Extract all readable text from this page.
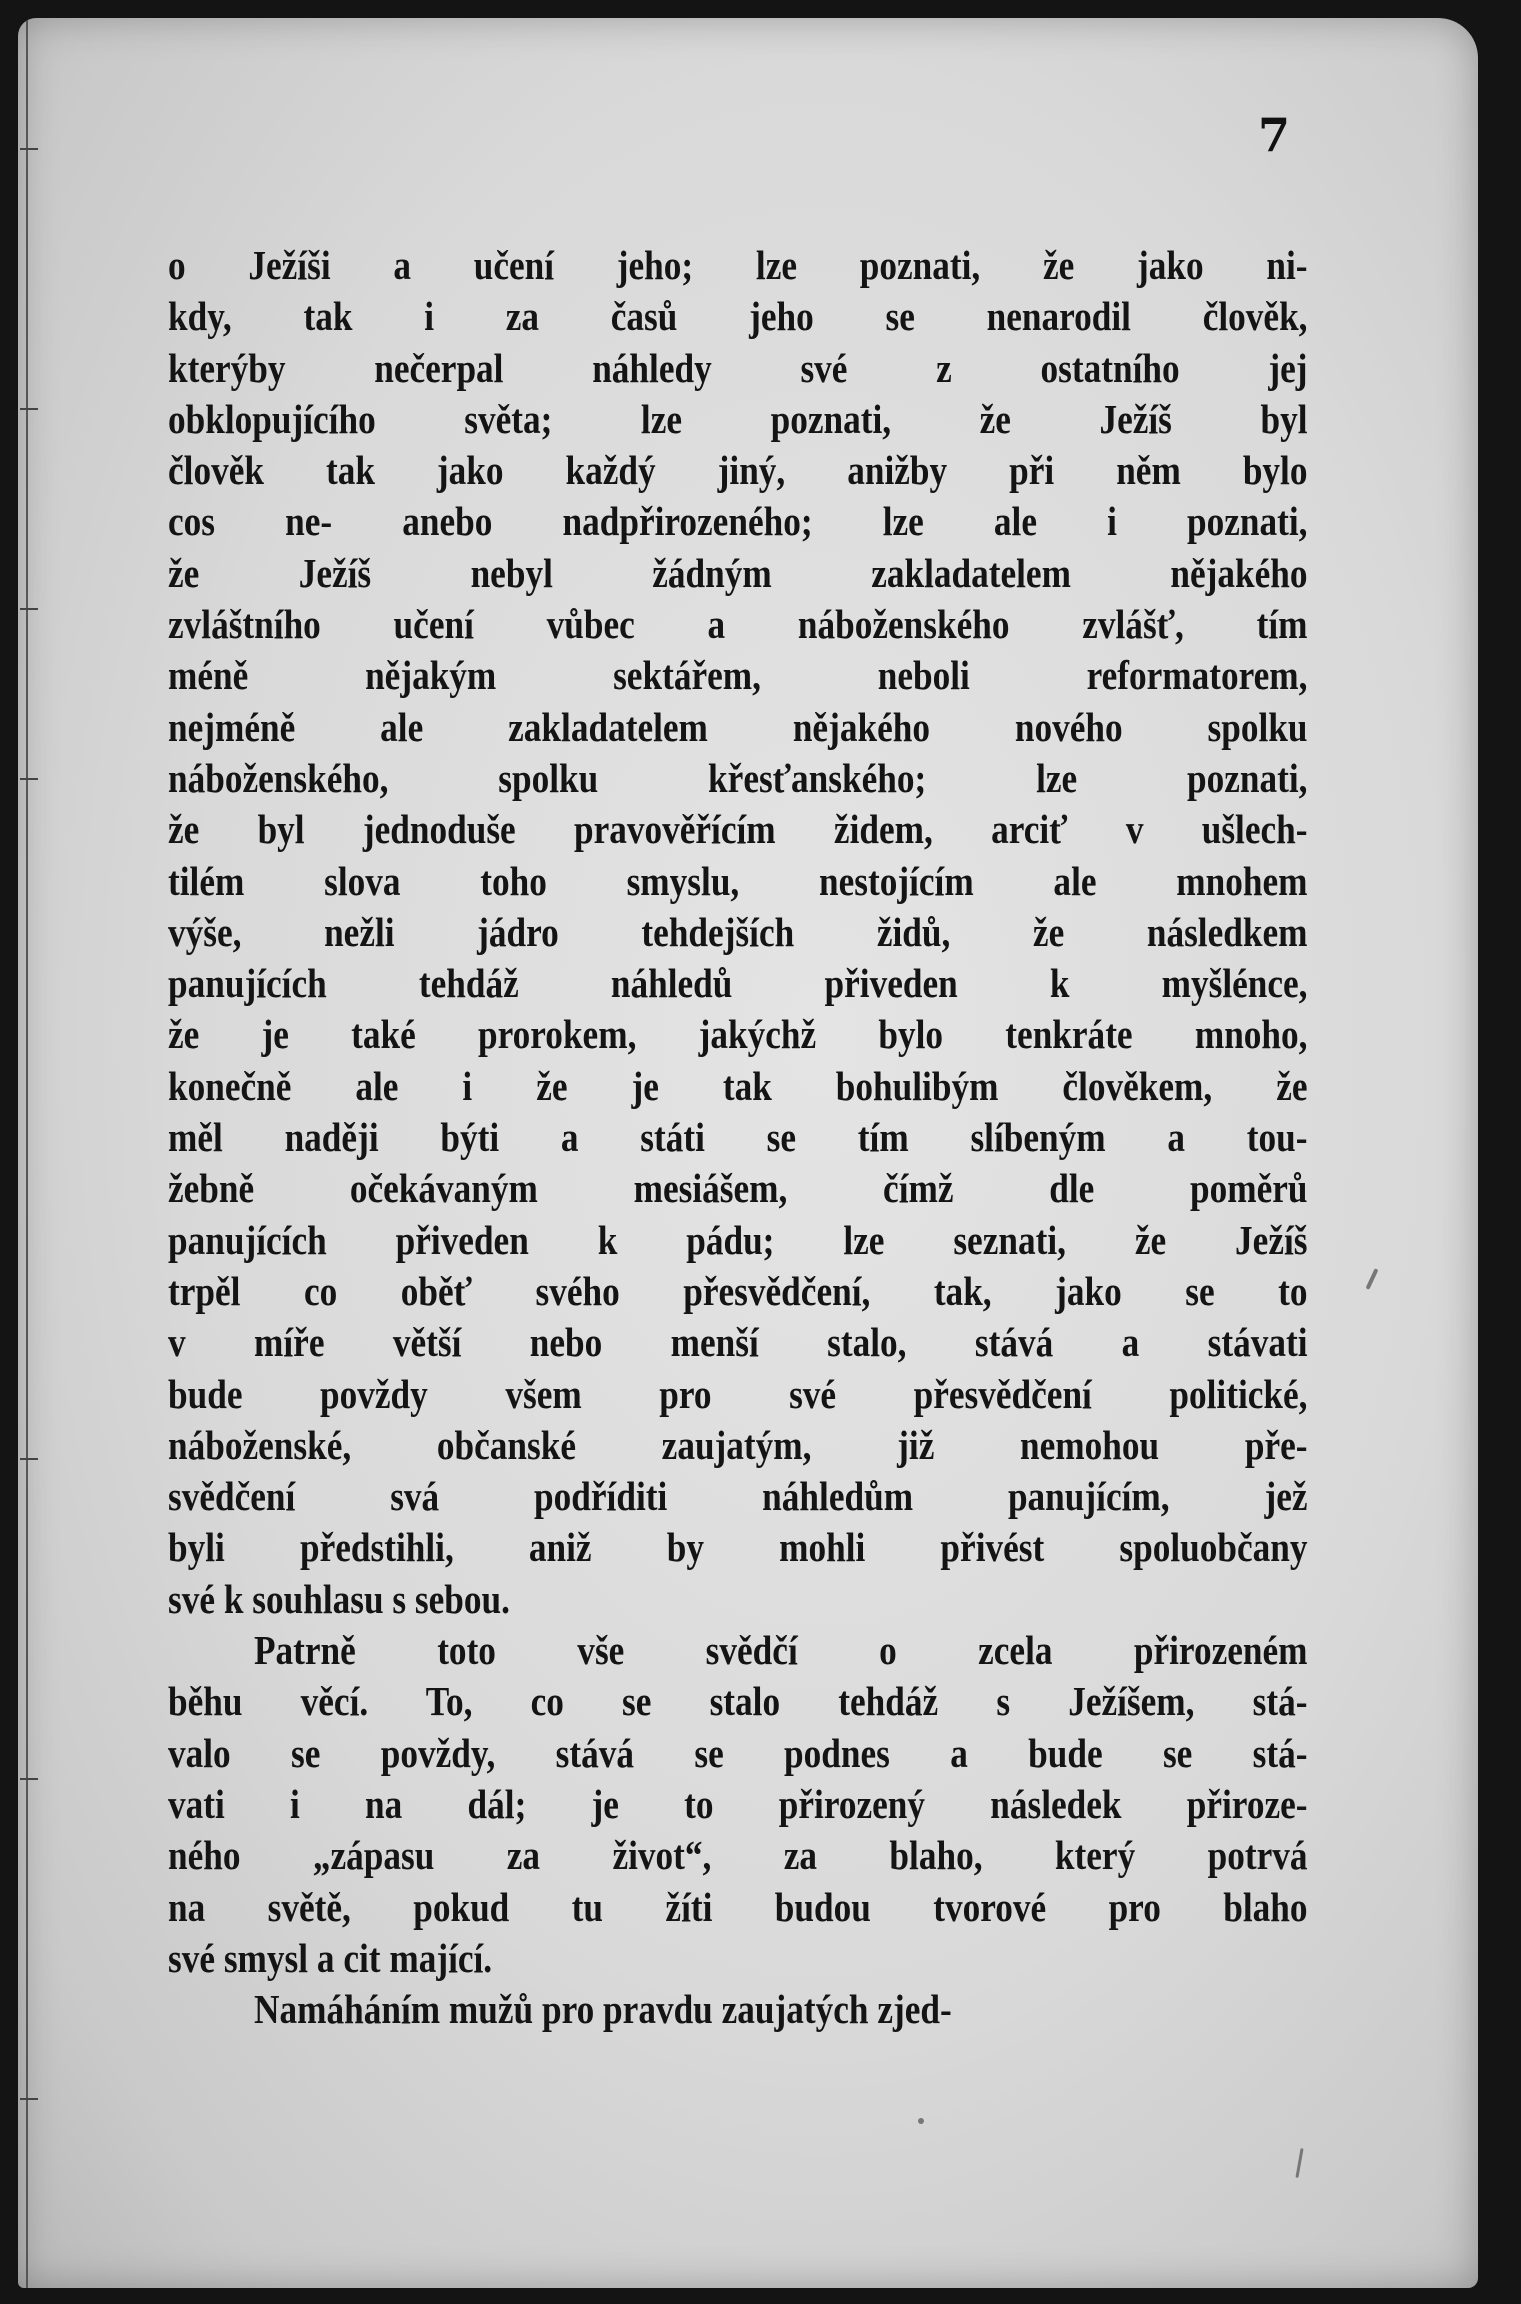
7
o Ježíši a učení jeho; lze poznati, že jako ni-
kdy, tak i za časů jeho se nenarodil člověk,
kterýby nečerpal náhledy své z ostatního jej
obklopujícího světa; lze poznati, že Ježíš byl
člověk tak jako každý jiný, anižby při něm bylo
cos ne- anebo nadpřirozeného; lze ale i poznati,
že Ježíš nebyl žádným zakladatelem nějakého
zvláštního učení vůbec a náboženského zvlášť, tím
méně nějakým sektářem, neboli reformatorem,
nejméně ale zakladatelem nějakého nového spolku
náboženského, spolku křesťanského; lze poznati,
že byl jednoduše pravověřícím židem, arciť v ušlech-
tilém slova toho smyslu, nestojícím ale mnohem
výše, nežli jádro tehdejších židů, že následkem
panujících tehdáž náhledů přiveden k myšlénce,
že je také prorokem, jakýchž bylo tenkráte mnoho,
konečně ale i že je tak bohulibým člověkem, že
měl naději býti a státi se tím slíbeným a tou-
žebně očekávaným mesiášem, čímž dle poměrů
panujících přiveden k pádu; lze seznati, že Ježíš
trpěl co oběť svého přesvědčení, tak, jako se to
v míře větší nebo menší stalo, stává a stávati
bude povždy všem pro své přesvědčení politické,
náboženské, občanské zaujatým, již nemohou pře-
svědčení svá podříditi náhledům panujícím, jež
byli předstihli, aniž by mohli přivést spoluobčany
své k souhlasu s sebou.
Patrně toto vše svědčí o zcela přirozeném
běhu věcí. To, co se stalo tehdáž s Ježíšem, stá-
valo se povždy, stává se podnes a bude se stá-
vati i na dál; je to přirozený následek přiroze-
ného „zápasu za život“, za blaho, který potrvá
na světě, pokud tu žíti budou tvorové pro blaho
své smysl a cit mající.
Namáháním mužů pro pravdu zaujatých zjed-
